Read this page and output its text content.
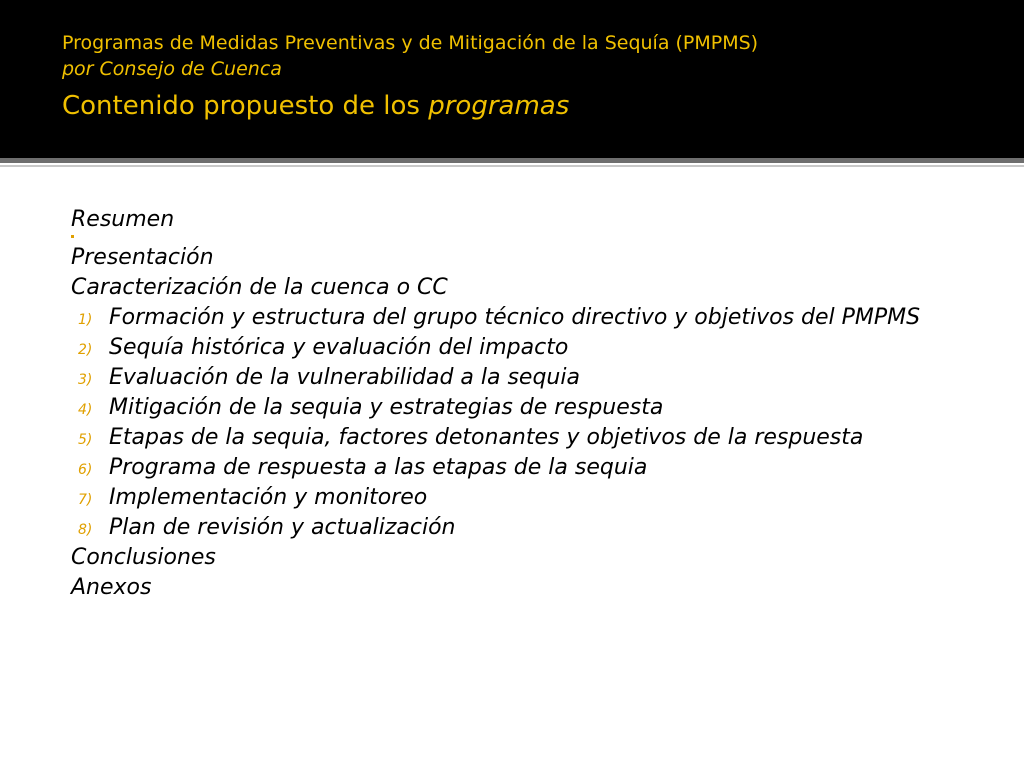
Programas de Medidas Preventivas y de Mitigación de la Sequía (PMPMS)
por Consejo de Cuenca
Contenido propuesto de los programas
Resumen
Presentación
Caracterización de la cuenca o CC
1) Formación y estructura del grupo técnico directivo y objetivos del PMPMS
2) Sequía histórica y evaluación del impacto
3) Evaluación de la vulnerabilidad a la sequia
4) Mitigación de la sequia y estrategias de respuesta
5) Etapas de la sequia, factores detonantes y objetivos de la respuesta
6) Programa de respuesta a las etapas de la sequia
7) Implementación y monitoreo
8) Plan de revisión y actualización
Conclusiones
Anexos
